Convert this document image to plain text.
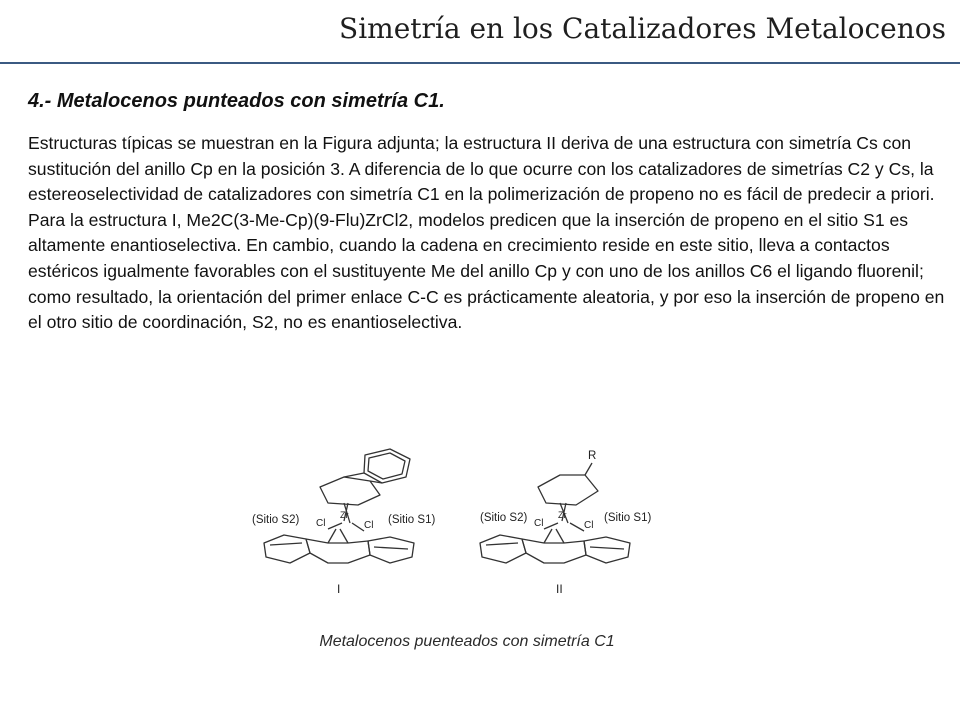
Simetría en los Catalizadores Metalocenos
4.- Metalocenos punteados con simetría C1.

Estructuras típicas se muestran en la Figura adjunta; la estructura II deriva de una estructura con simetría Cs con sustitución del anillo Cp en la posición 3. A diferencia de lo que ocurre con los catalizadores de simetrías C2 y Cs, la estereoselectividad de catalizadores con simetría C1 en la polimerización de propeno no es fácil de predecir a priori. Para la estructura I, Me2C(3-Me-Cp)(9-Flu)ZrCl2, modelos predicen que la inserción de propeno en el sitio S1 es altamente enantioselectiva. En cambio, cuando la cadena en crecimiento reside en este sitio, lleva a contactos estéricos igualmente favorables con el sustituyente Me del anillo Cp y con uno de los anillos C6 el ligando fluorenil; como resultado, la orientación del primer enlace C-C es prácticamente aleatoria, y por eso la inserción de propeno en el otro sitio de coordinación, S2, no es enantioselectiva.

(Sitio S2)	(Sitio S1)
Cl	Cl
Zr
I
R
(Sitio S2)	(Sitio S1)
Cl	Cl
Zr
II
Metalocenos puenteados con simetría C1
